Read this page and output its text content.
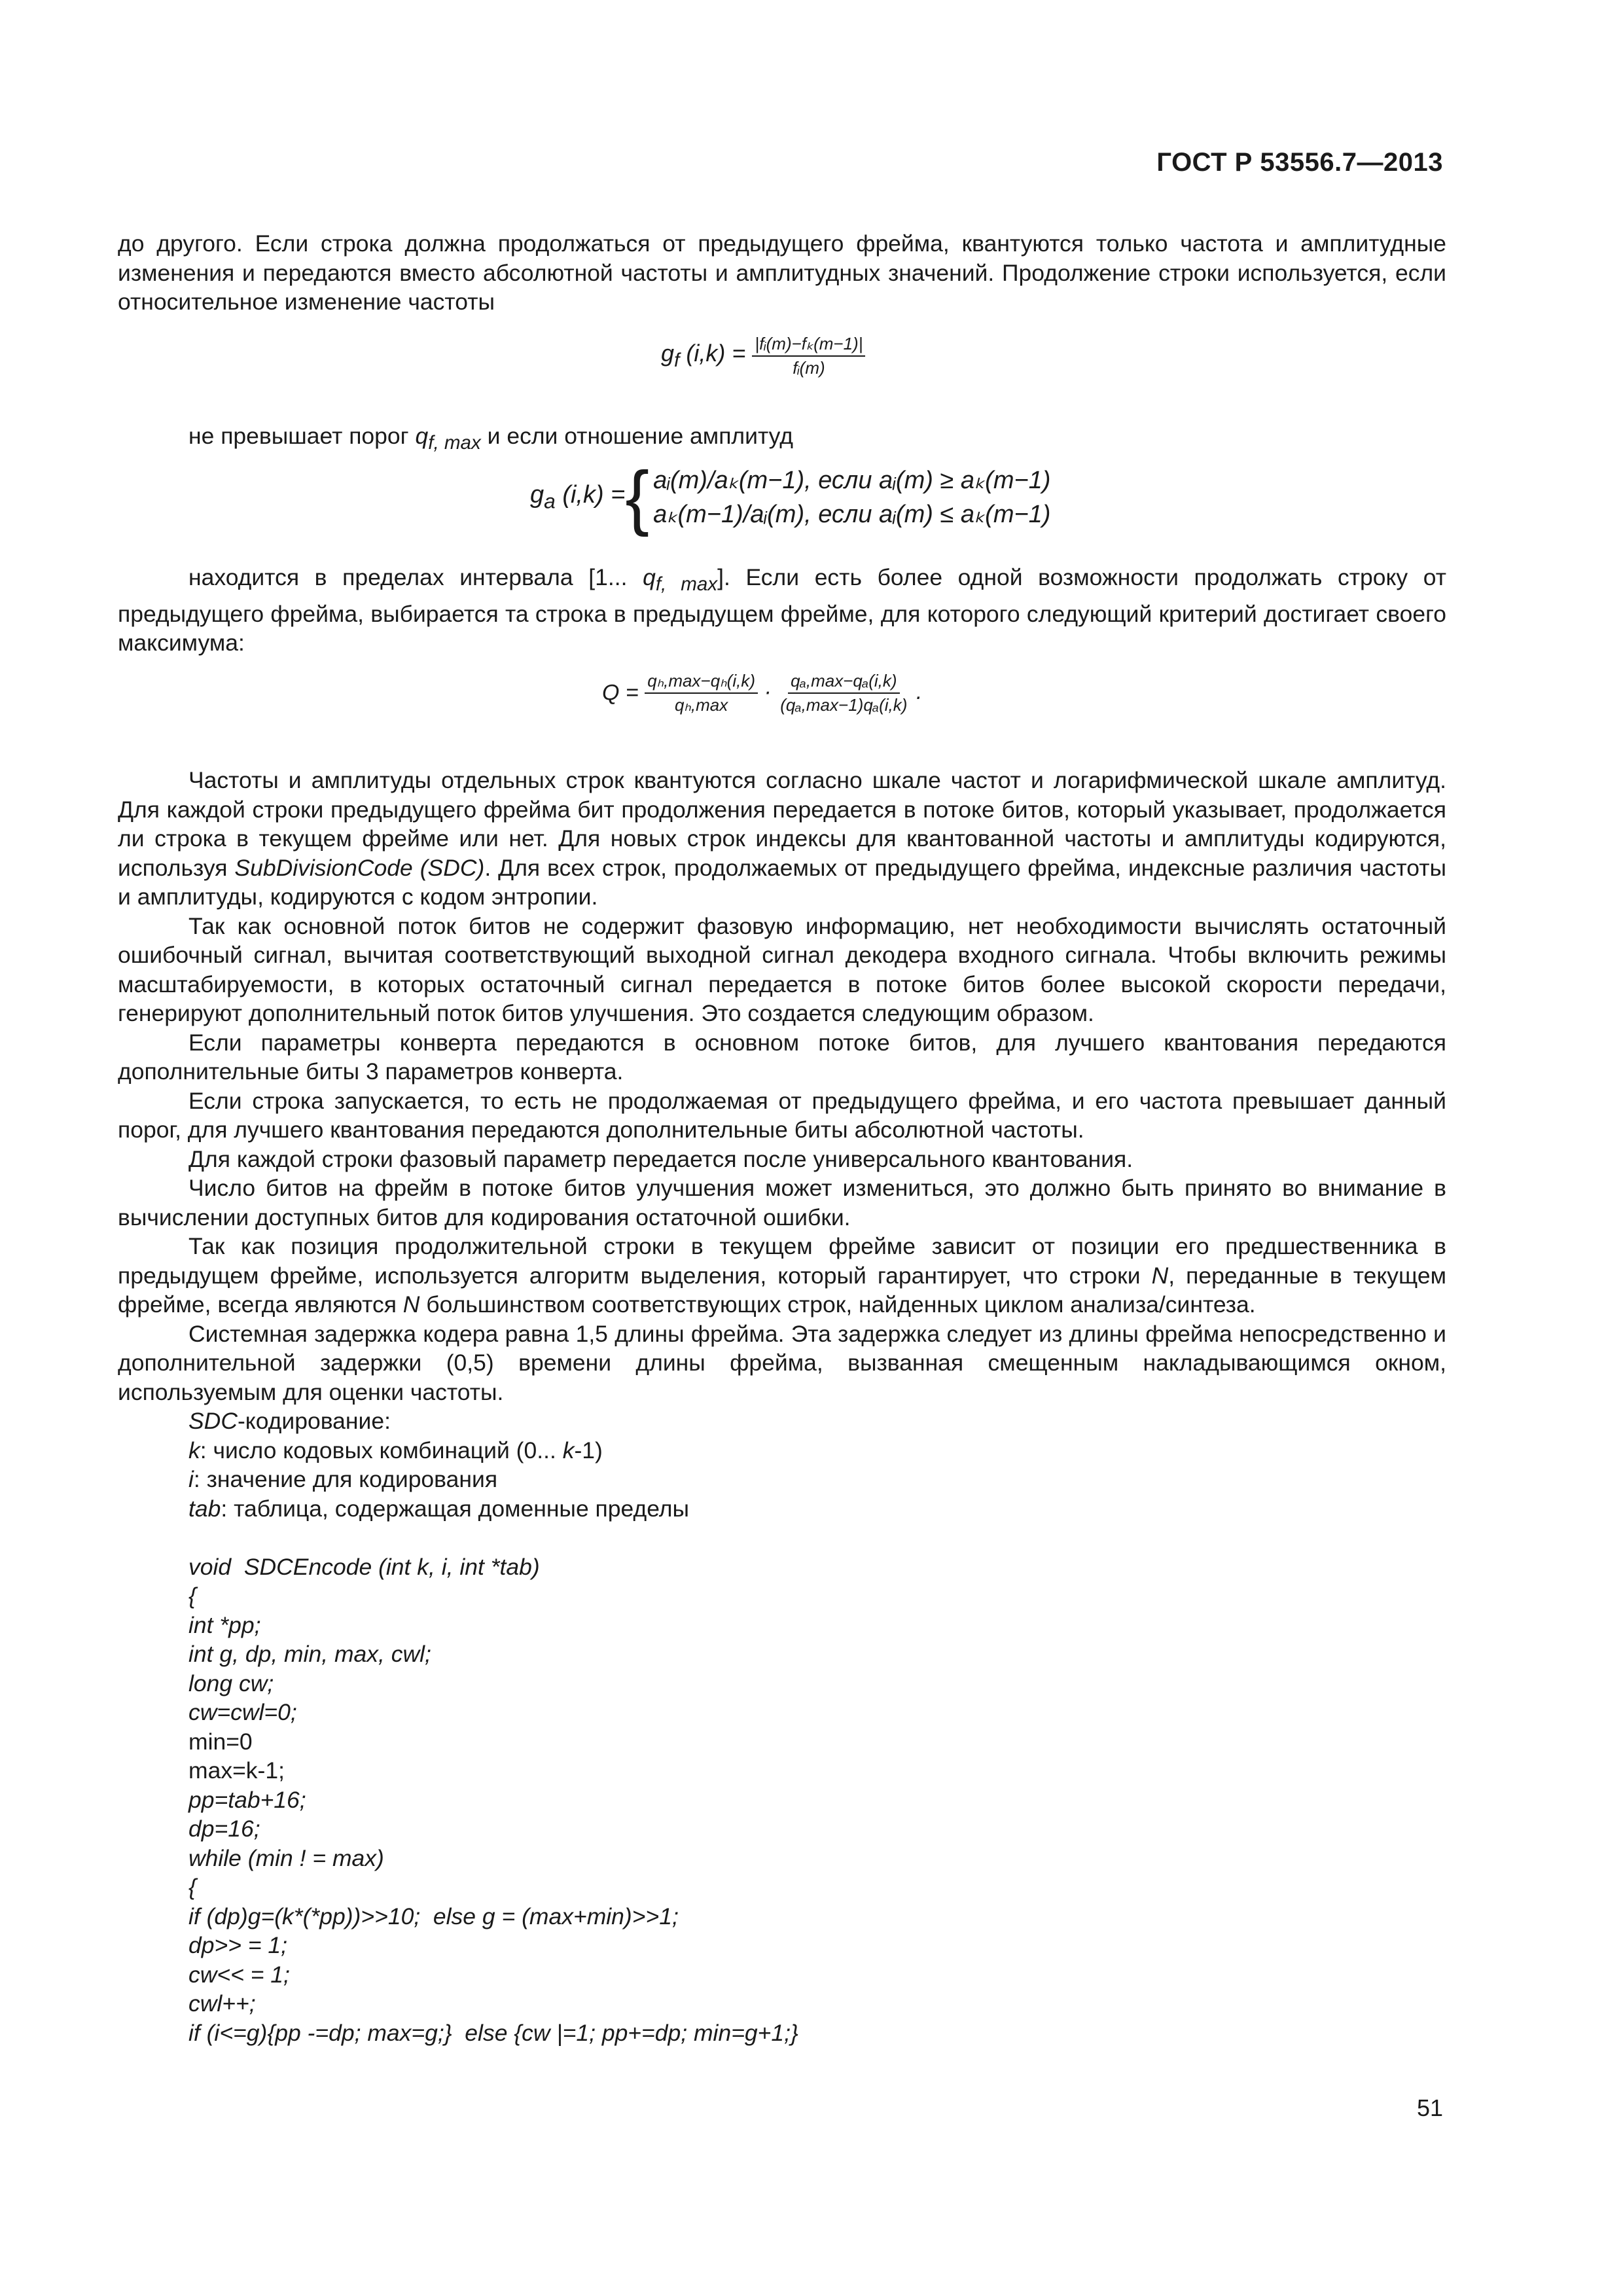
ГОСТ Р 53556.7—2013

до другого. Если строка должна продолжаться от предыдущего фрейма, квантуются только частота и амплитудные изменения и передаются вместо абсолютной частоты и амплитудных значений. Продолжение строки используется, если относительное изменение частоты

$g_f$ $(i,k) = \frac{\text{|fᵢ(m)−fₖ(m−1)|}}{\text{fᵢ(m)}}$

не превышает порог $q_{f, max}$ и если отношение амплитуд

$g_a$ (i,k) = { aᵢ(m)/aₖ(m−1), если aᵢ(m) ≥ aₖ(m−1)
aₖ(m−1)/aᵢ(m), если aᵢ(m) ≤ aₖ(m−1)

находится в пределах интервала [1... $q_{f, max}$]. Если есть более одной возможности продолжать строку от предыдущего фрейма, выбирается та строка в предыдущем фрейме, для которого следующий критерий достигает своего максимума:

$Q = \frac{\text{qₕ,max−qₕ(i,k)}}{\text{qₕ,max}} \cdot \frac{\text{qₐ,max−qₐ(i,k)}}{\text{(qₐ,max−1)qₐ(i,k)}}$ .

Частоты и амплитуды отдельных строк квантуются согласно шкале частот и логарифмической шкале амплитуд. Для каждой строки предыдущего фрейма бит продолжения передается в потоке битов, который указывает, продолжается ли строка в текущем фрейме или нет. Для новых строк индексы для квантованной частоты и амплитуды кодируются, используя SubDivisionCode (SDC). Для всех строк, продолжаемых от предыдущего фрейма, индексные различия частоты и амплитуды, кодируются с кодом энтропии.

Так как основной поток битов не содержит фазовую информацию, нет необходимости вычислять остаточный ошибочный сигнал, вычитая соответствующий выходной сигнал декодера входного сигнала. Чтобы включить режимы масштабируемости, в которых остаточный сигнал передается в потоке битов более высокой скорости передачи, генерируют дополнительный поток битов улучшения. Это создается следующим образом.

Если параметры конверта передаются в основном потоке битов, для лучшего квантования передаются дополнительные биты 3 параметров конверта.

Если строка запускается, то есть не продолжаемая от предыдущего фрейма, и его частота превышает данный порог, для лучшего квантования передаются дополнительные биты абсолютной частоты.

Для каждой строки фазовый параметр передается после универсального квантования.

Число битов на фрейм в потоке битов улучшения может измениться, это должно быть принято во внимание в вычислении доступных битов для кодирования остаточной ошибки.

Так как позиция продолжительной строки в текущем фрейме зависит от позиции его предшественника в предыдущем фрейме, используется алгоритм выделения, который гарантирует, что строки N, переданные в текущем фрейме, всегда являются N большинством соответствующих строк, найденных циклом анализа/синтеза.

Системная задержка кодера равна 1,5 длины фрейма. Эта задержка следует из длины фрейма непосредственно и дополнительной задержки (0,5) времени длины фрейма, вызванная смещенным накладывающимся окном, используемым для оценки частоты.

SDC-кодирование:

k: число кодовых комбинаций (0... k-1)

i: значение для кодирования

tab: таблица, содержащая доменные пределы

void  SDCEncode (int k, i, int *tab)

{

int *pp;

int g, dp, min, max, cwl;

long cw;

cw=cwl=0;

min=0

max=k-1;

pp=tab+16;

dp=16;

while (min ! = max)

{

if (dp)g=(k*(*pp))>>10;  else g = (max+min)>>1;

dp>> = 1;

cw<< = 1;

cwl++;

if (i<=g){pp -=dp; max=g;}  else {cw |=1; pp+=dp; min=g+1;}

51
